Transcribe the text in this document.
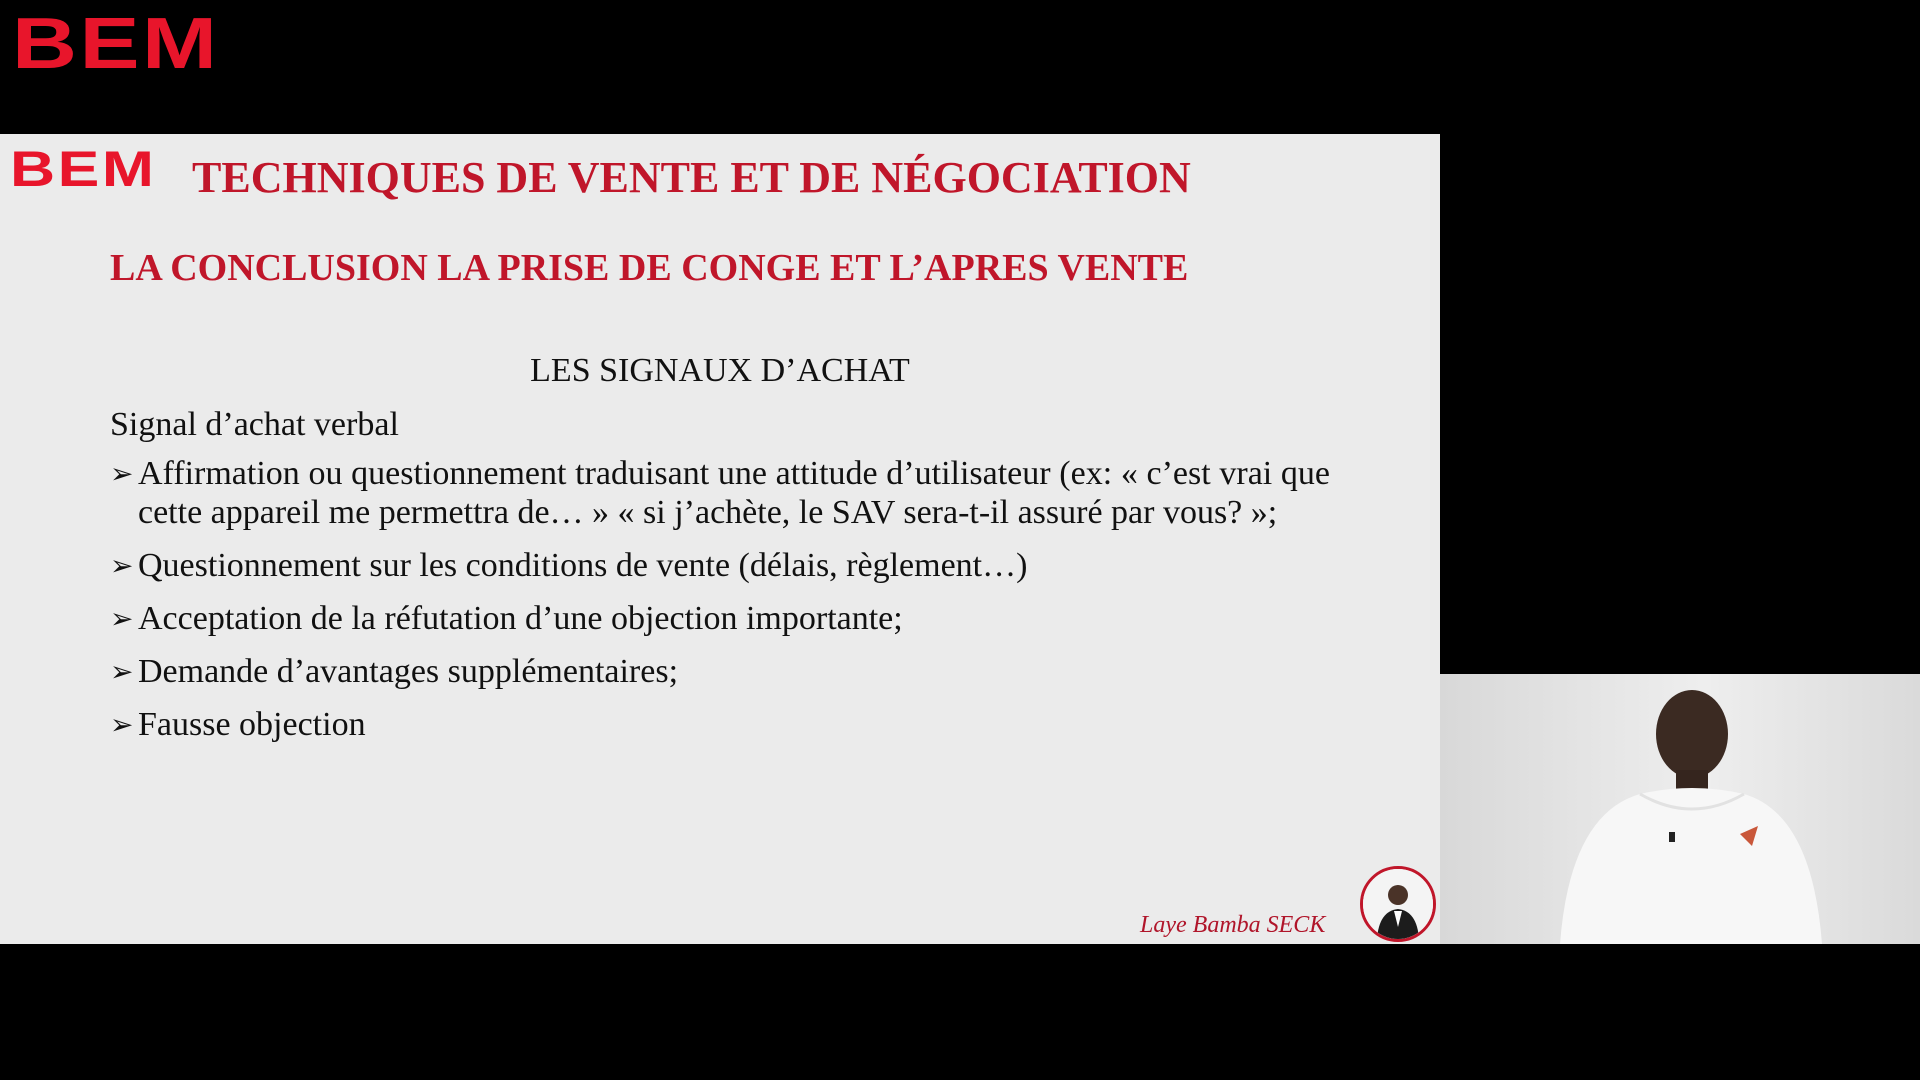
BEM
BEM TECHNIQUES DE VENTE ET DE NÉGOCIATION
LA CONCLUSION LA PRISE DE CONGE ET L’APRES VENTE
LES SIGNAUX D’ACHAT
Signal d’achat verbal
➢ Affirmation ou questionnement traduisant une attitude d’utilisateur (ex: « c’est vrai que cette appareil me permettra de… » « si j’achète, le SAV sera-t-il assuré par vous? »;
➢ Questionnement sur les conditions de vente (délais, règlement…)
➢ Acceptation de la réfutation d’une objection importante;
➢ Demande d’avantages supplémentaires;
➢ Fausse objection
Laye Bamba SECK
